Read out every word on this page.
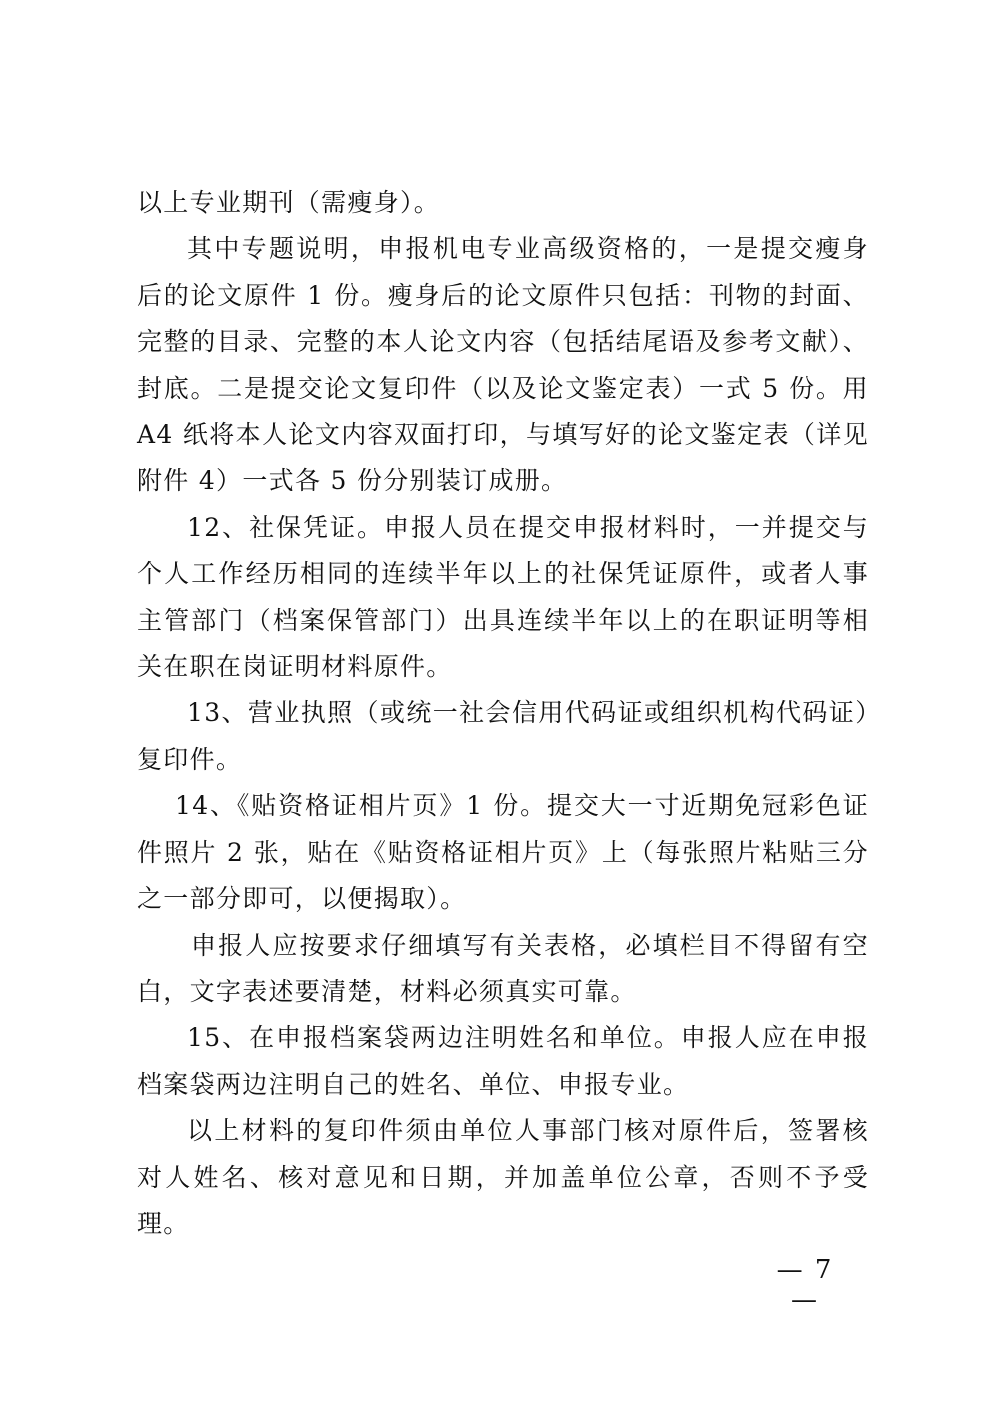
以上专业期刊（需瘦身）。

其中专题说明，申报机电专业高级资格的，一是提交瘦身后的论文原件 1 份。瘦身后的论文原件只包括：刊物的封面、完整的目录、完整的本人论文内容（包括结尾语及参考文献）、封底。二是提交论文复印件（以及论文鉴定表）一式 5 份。用 A4 纸将本人论文内容双面打印，与填写好的论文鉴定表（详见附件 4）一式各 5 份分别装订成册。

12、社保凭证。申报人员在提交申报材料时，一并提交与个人工作经历相同的连续半年以上的社保凭证原件，或者人事主管部门（档案保管部门）出具连续半年以上的在职证明等相关在职在岗证明材料原件。

13、营业执照（或统一社会信用代码证或组织机构代码证）复印件。

14、《贴资格证相片页》1 份。提交大一寸近期免冠彩色证件照片 2 张，贴在《贴资格证相片页》上（每张照片粘贴三分之一部分即可，以便揭取）。

申报人应按要求仔细填写有关表格，必填栏目不得留有空白，文字表述要清楚，材料必须真实可靠。

15、在申报档案袋两边注明姓名和单位。申报人应在申报档案袋两边注明自己的姓名、单位、申报专业。

以上材料的复印件须由单位人事部门核对原件后，签署核对人姓名、核对意见和日期，并加盖单位公章，否则不予受理。

— 7 —
